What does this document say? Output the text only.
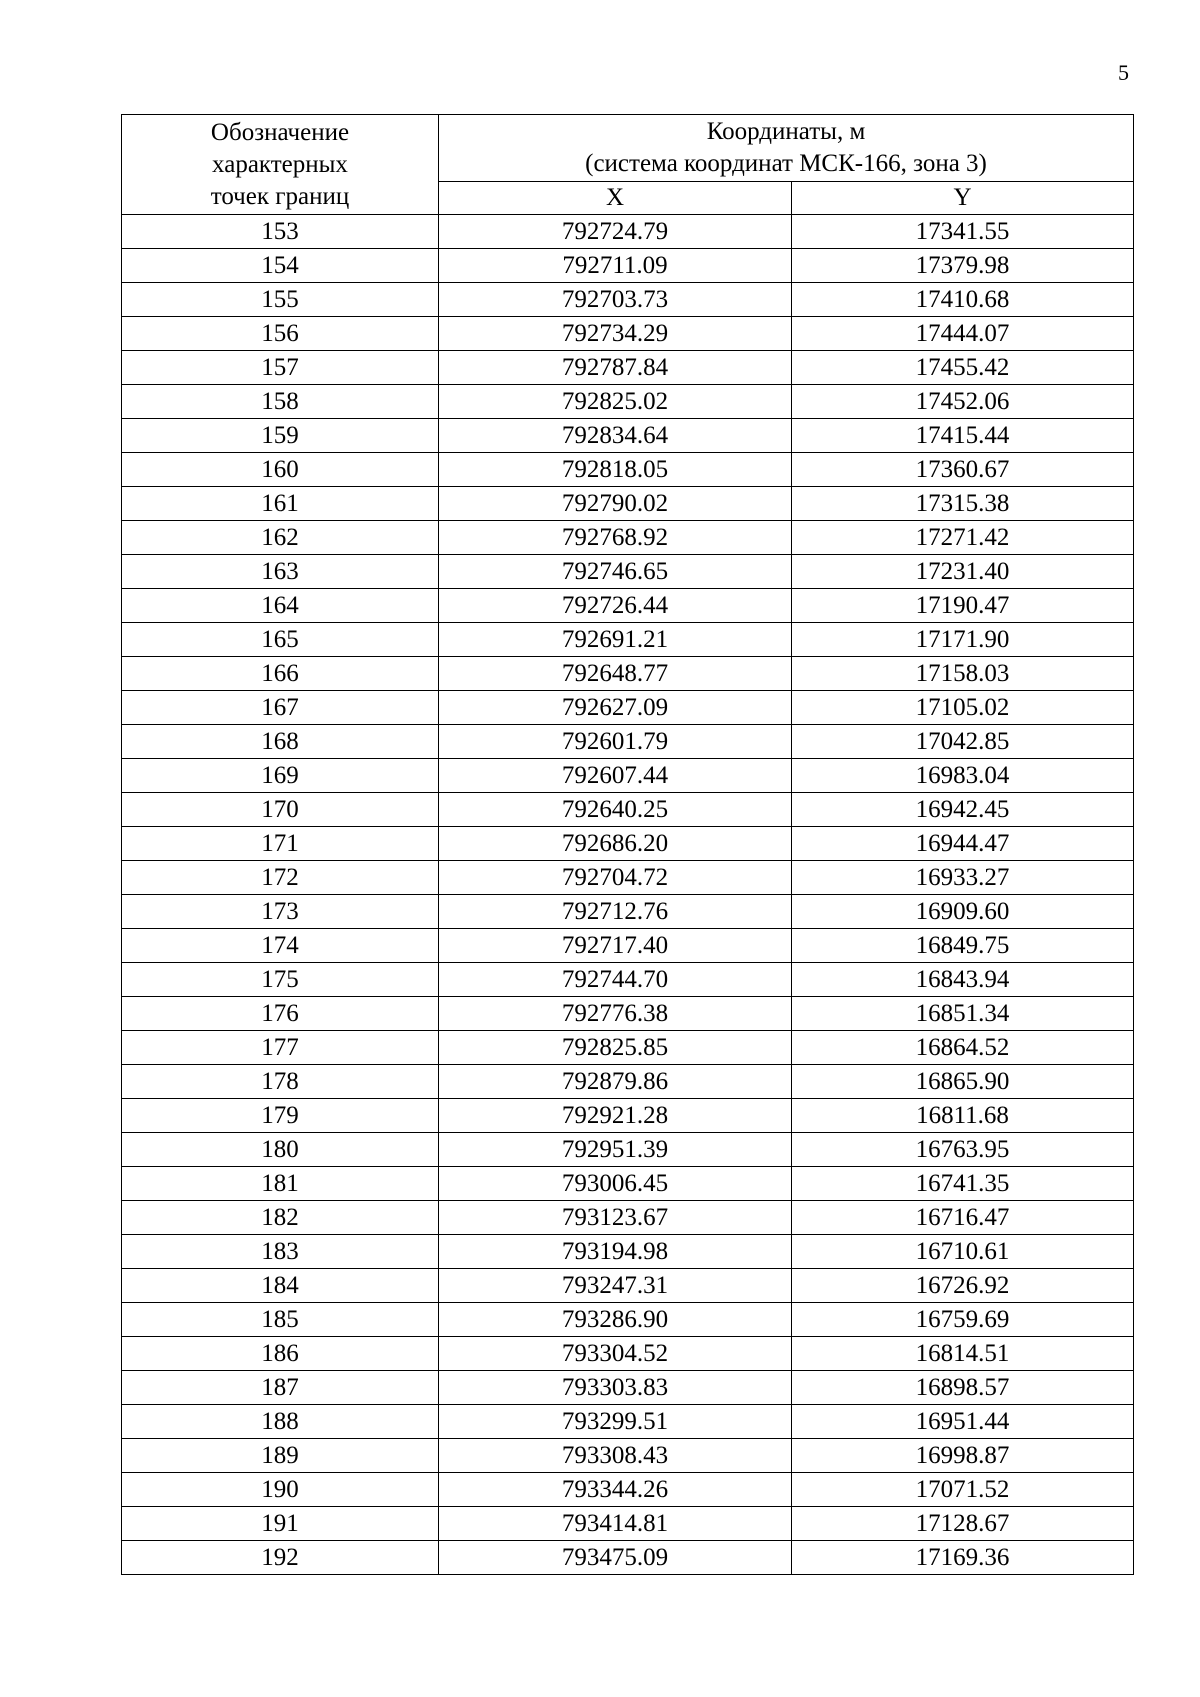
5
Обозначение
характерных
точек границ	Координаты, м
(система координат МСК-166, зона 3)	

	X	Y
153	792724.79	17341.55
154	792711.09	17379.98
155	792703.73	17410.68
156	792734.29	17444.07
157	792787.84	17455.42
158	792825.02	17452.06
159	792834.64	17415.44
160	792818.05	17360.67
161	792790.02	17315.38
162	792768.92	17271.42
163	792746.65	17231.40
164	792726.44	17190.47
165	792691.21	17171.90
166	792648.77	17158.03
167	792627.09	17105.02
168	792601.79	17042.85
169	792607.44	16983.04
170	792640.25	16942.45
171	792686.20	16944.47
172	792704.72	16933.27
173	792712.76	16909.60
174	792717.40	16849.75
175	792744.70	16843.94
176	792776.38	16851.34
177	792825.85	16864.52
178	792879.86	16865.90
179	792921.28	16811.68
180	792951.39	16763.95
181	793006.45	16741.35
182	793123.67	16716.47
183	793194.98	16710.61
184	793247.31	16726.92
185	793286.90	16759.69
186	793304.52	16814.51
187	793303.83	16898.57
188	793299.51	16951.44
189	793308.43	16998.87
190	793344.26	17071.52
191	793414.81	17128.67
192	793475.09	17169.36
